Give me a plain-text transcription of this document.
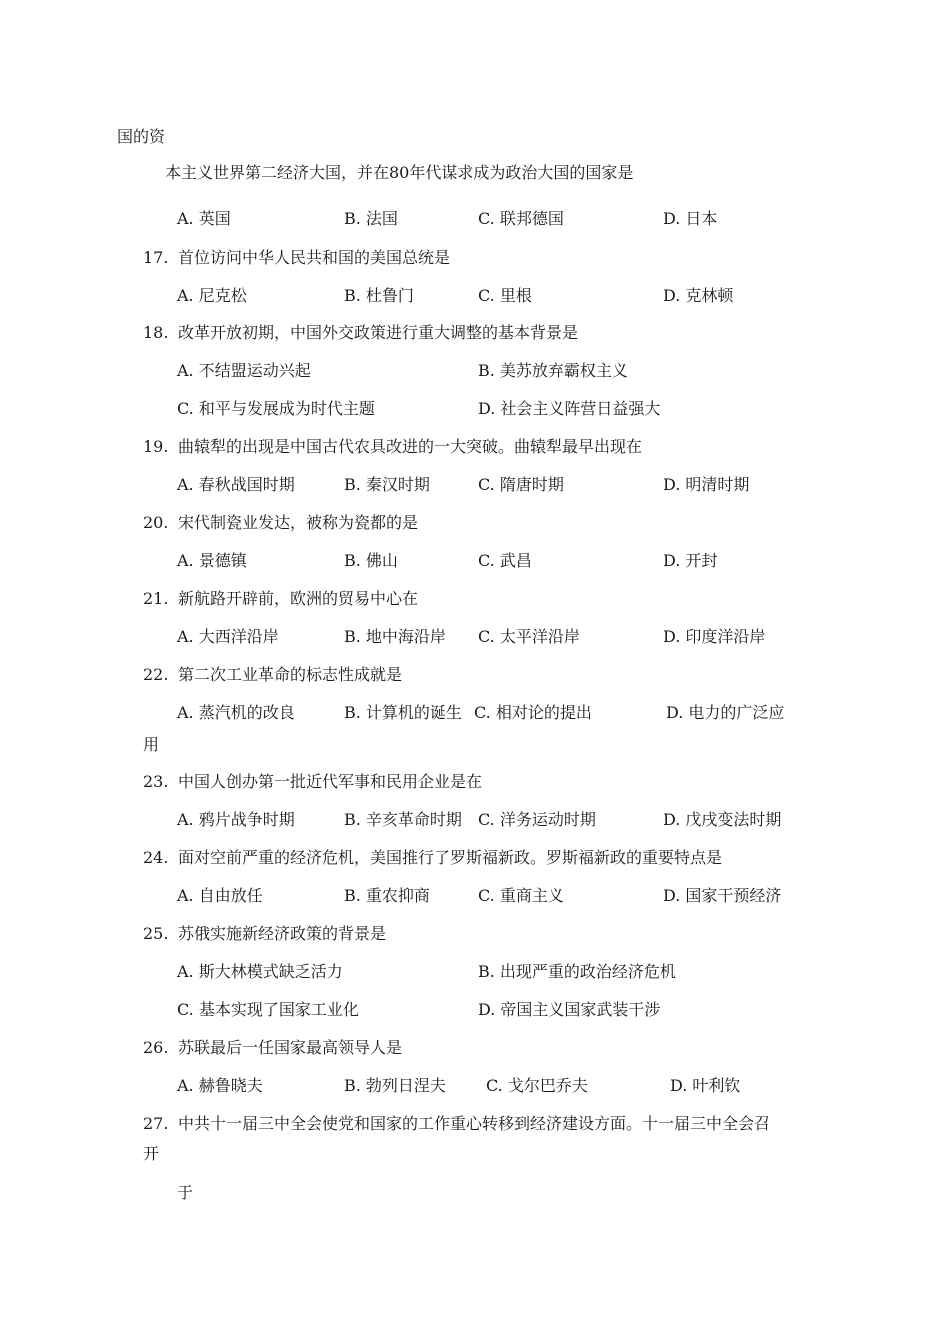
国的资
本主义世界第二经济大国，并在80年代谋求成为政治大国的国家是
A. 英国	B. 法国	C. 联邦德国	D. 日本
17. 首位访问中华人民共和国的美国总统是
A. 尼克松	B. 杜鲁门	C. 里根	D. 克林顿
18. 改革开放初期，中国外交政策进行重大调整的基本背景是
A. 不结盟运动兴起	B. 美苏放弃霸权主义
C. 和平与发展成为时代主题	D. 社会主义阵营日益强大
19. 曲辕犁的出现是中国古代农具改进的一大突破。曲辕犁最早出现在
A. 春秋战国时期	B. 秦汉时期	C. 隋唐时期	D. 明清时期
20. 宋代制瓷业发达，被称为瓷都的是
A. 景德镇	B. 佛山	C. 武昌	D. 开封
21. 新航路开辟前，欧洲的贸易中心在
A. 大西洋沿岸	B. 地中海沿岸 C. 太平洋沿岸	D. 印度洋沿岸
22. 第二次工业革命的标志性成就是
A. 蒸汽机的改良	B. 计算机的诞生 C. 相对论的提出	D. 电力的广泛应
用
23. 中国人创办第一批近代军事和民用企业是在
A. 鸦片战争时期	B. 辛亥革命时期 C. 洋务运动时期	D. 戊戌变法时期
24. 面对空前严重的经济危机，美国推行了罗斯福新政。罗斯福新政的重要特点是
A. 自由放任	B. 重农抑商	C. 重商主义	D. 国家干预经济
25. 苏俄实施新经济政策的背景是
A. 斯大林模式缺乏活力	B. 出现严重的政治经济危机
C. 基本实现了国家工业化	D. 帝国主义国家武装干涉
26. 苏联最后一任国家最高领导人是
A. 赫鲁晓夫	B. 勃列日涅夫	C. 戈尔巴乔夫	D. 叶利钦
27. 中共十一届三中全会使党和国家的工作重心转移到经济建设方面。十一届三中全会召
开
于
